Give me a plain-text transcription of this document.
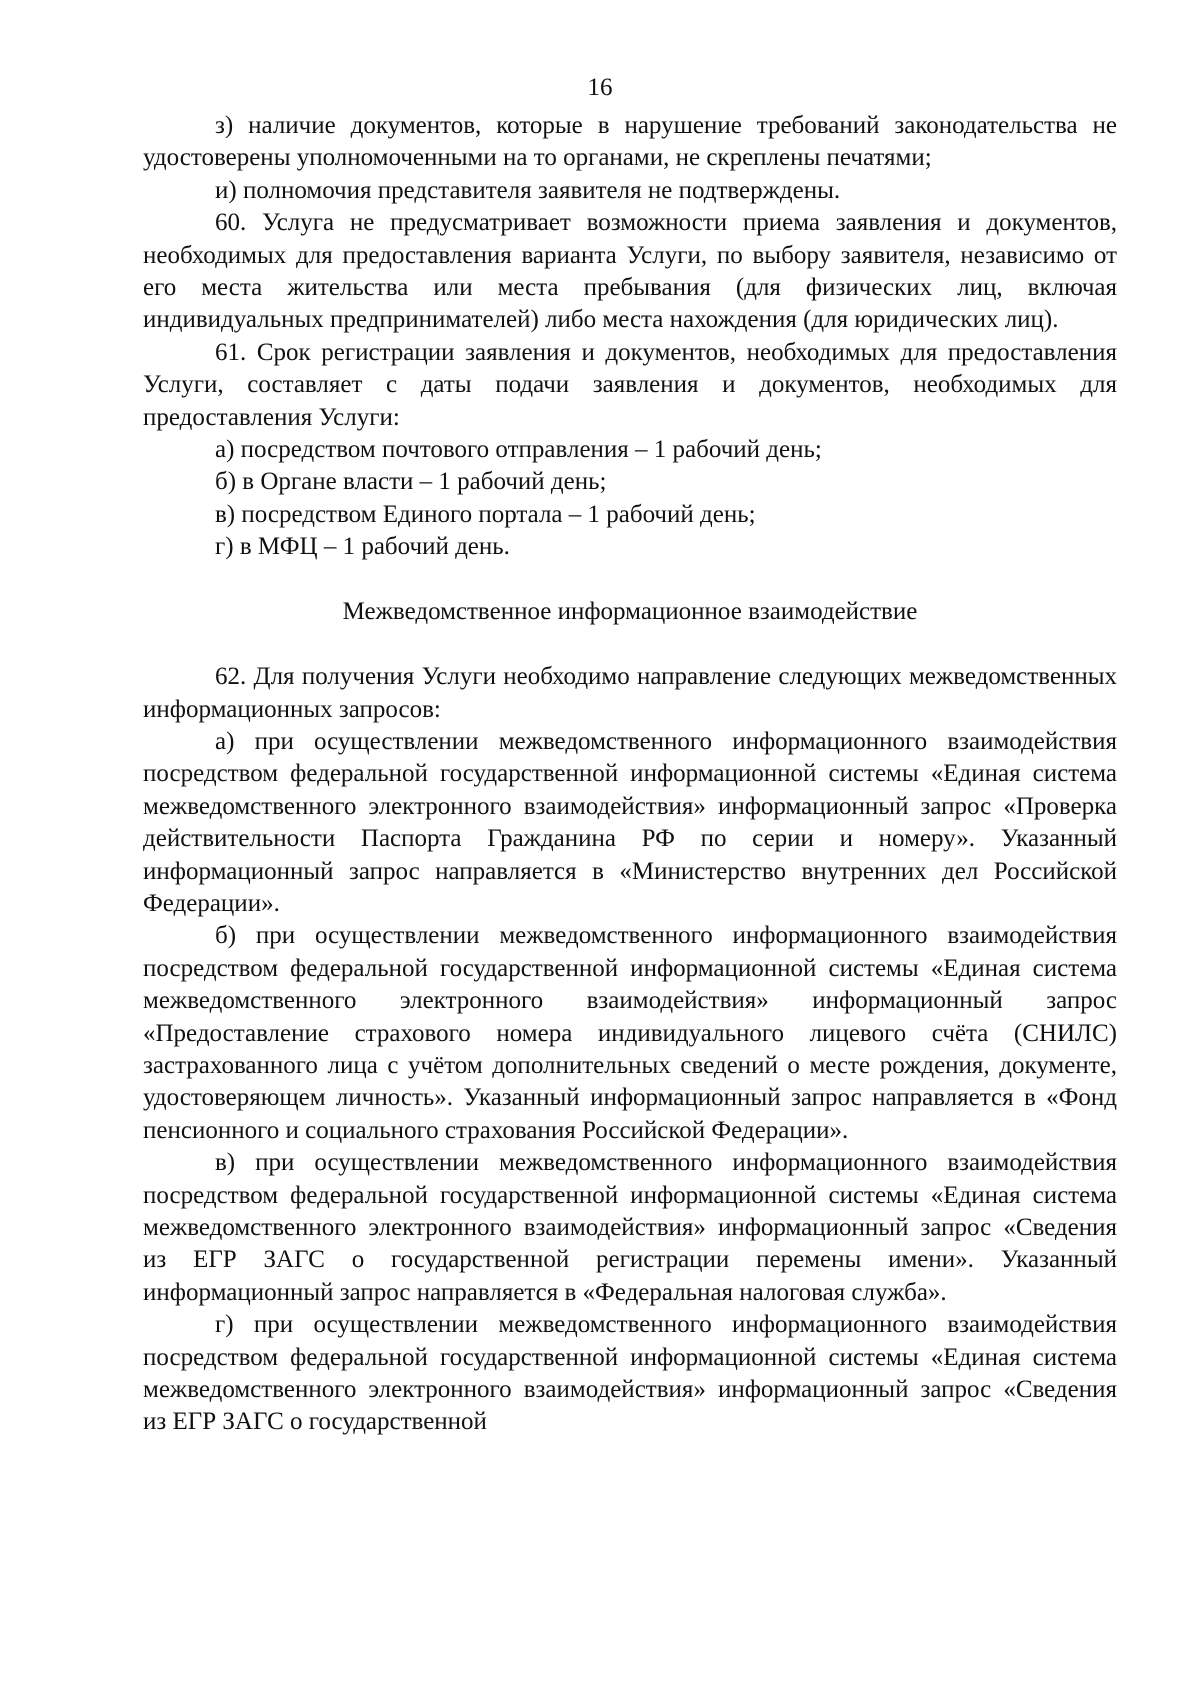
16

з) наличие документов, которые в нарушение требований законодательства не удостоверены уполномоченными на то органами, не скреплены печатями;

и) полномочия представителя заявителя не подтверждены.

60. Услуга не предусматривает возможности приема заявления и документов, необходимых для предоставления варианта Услуги, по выбору заявителя, независимо от его места жительства или места пребывания (для физических лиц, включая индивидуальных предпринимателей) либо места нахождения (для юридических лиц).

61. Срок регистрации заявления и документов, необходимых для предоставления Услуги, составляет с даты подачи заявления и документов, необходимых для предоставления Услуги:

а) посредством почтового отправления – 1 рабочий день;

б) в Органе власти – 1 рабочий день;

в) посредством Единого портала – 1 рабочий день;

г) в МФЦ – 1 рабочий день.

Межведомственное информационное взаимодействие

62. Для получения Услуги необходимо направление следующих межведомственных информационных запросов:

а) при осуществлении межведомственного информационного взаимодействия посредством федеральной государственной информационной системы «Единая система межведомственного электронного взаимодействия» информационный запрос «Проверка действительности Паспорта Гражданина РФ по серии и номеру». Указанный информационный запрос направляется в «Министерство внутренних дел Российской Федерации».

б) при осуществлении межведомственного информационного взаимодействия посредством федеральной государственной информационной системы «Единая система межведомственного электронного взаимодействия» информационный запрос «Предоставление страхового номера индивидуального лицевого счёта (СНИЛС) застрахованного лица с учётом дополнительных сведений о месте рождения, документе, удостоверяющем личность». Указанный информационный запрос направляется в «Фонд пенсионного и социального страхования Российской Федерации».

в) при осуществлении межведомственного информационного взаимодействия посредством федеральной государственной информационной системы «Единая система межведомственного электронного взаимодействия» информационный запрос «Сведения из ЕГР ЗАГС о государственной регистрации перемены имени». Указанный информационный запрос направляется в «Федеральная налоговая служба».

г) при осуществлении межведомственного информационного взаимодействия посредством федеральной государственной информационной системы «Единая система межведомственного электронного взаимодействия» информационный запрос «Сведения из ЕГР ЗАГС о государственной
